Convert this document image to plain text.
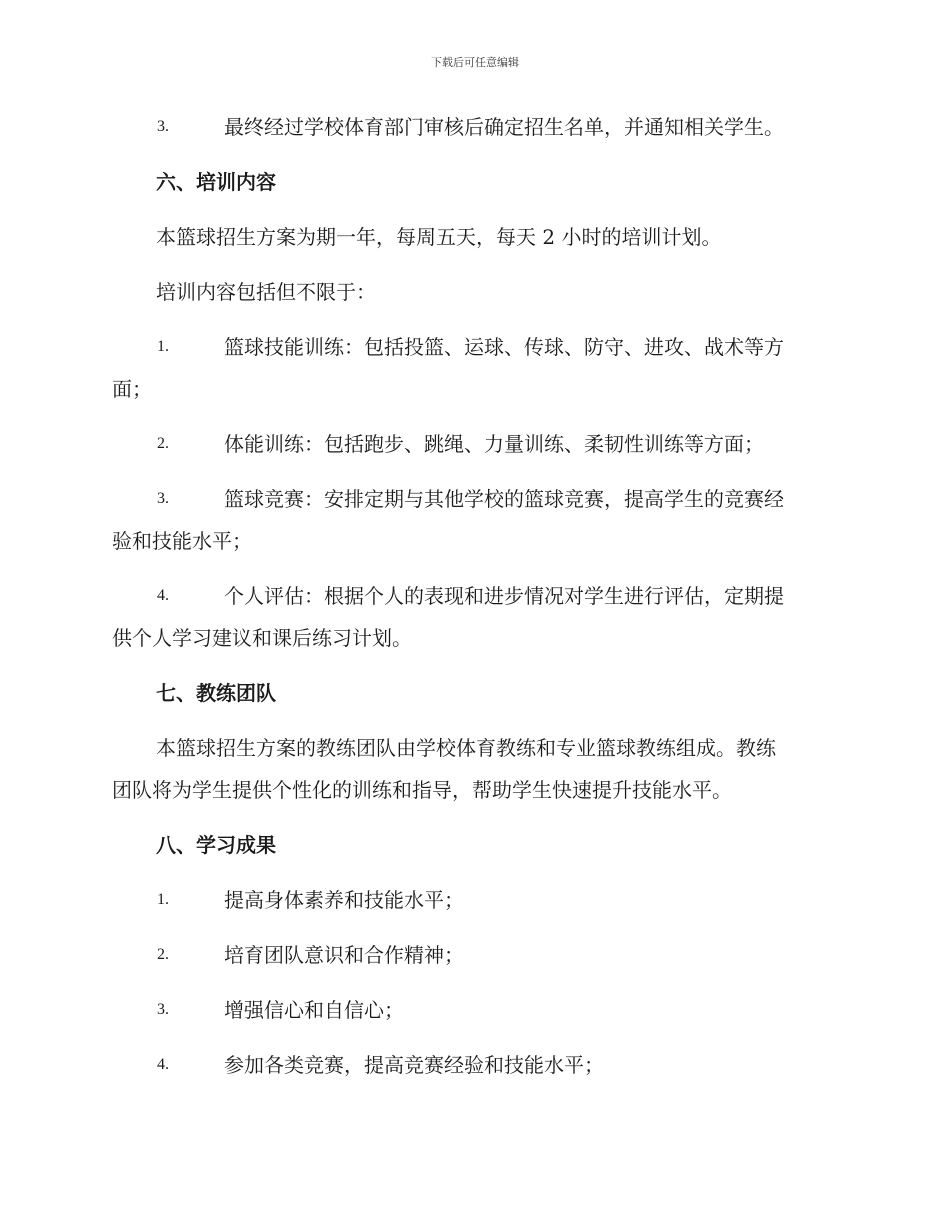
下载后可任意编辑
3.	最终经过学校体育部门审核后确定招生名单，并通知相关学生。
六、培训内容
本篮球招生方案为期一年，每周五天，每天 2 小时的培训计划。
培训内容包括但不限于：
1.	篮球技能训练：包括投篮、运球、传球、防守、进攻、战术等方
面；
2.	体能训练：包括跑步、跳绳、力量训练、柔韧性训练等方面；
3.	篮球竞赛：安排定期与其他学校的篮球竞赛，提高学生的竞赛经
验和技能水平；
4.	个人评估：根据个人的表现和进步情况对学生进行评估，定期提
供个人学习建议和课后练习计划。
七、教练团队
本篮球招生方案的教练团队由学校体育教练和专业篮球教练组成。教练
团队将为学生提供个性化的训练和指导，帮助学生快速提升技能水平。
八、学习成果
1.	提高身体素养和技能水平；
2.	培育团队意识和合作精神；
3.	增强信心和自信心；
4.	参加各类竞赛，提高竞赛经验和技能水平；
